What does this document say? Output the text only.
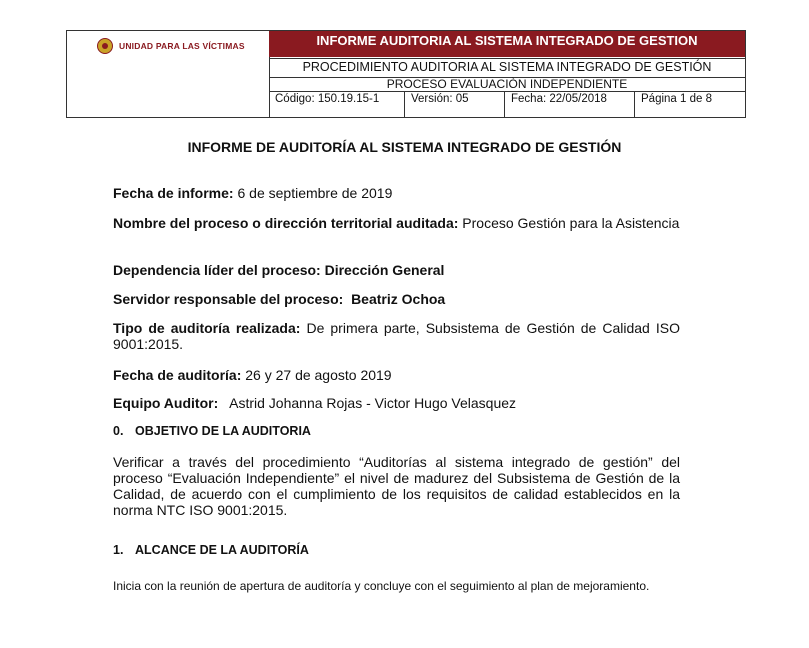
UNIDAD PARA LAS VÍCTIMAS	INFORME AUDITORIA AL SISTEMA INTEGRADO DE GESTION
PROCEDIMIENTO AUDITORIA AL SISTEMA INTEGRADO DE GESTIÓN
PROCESO EVALUACIÒN INDEPENDIENTE
Código: 150.19.15-1	Versión: 05	Fecha: 22/05/2018	Página 1 de 8
INFORME DE AUDITORÍA AL SISTEMA INTEGRADO DE GESTIÓN
Fecha de informe: 6 de septiembre de 2019
Nombre del proceso o dirección territorial auditada: Proceso Gestión para la Asistencia
Dependencia líder del proceso: Dirección General
Servidor responsable del proceso:  Beatriz Ochoa
Tipo de auditoría realizada: De primera parte, Subsistema de Gestión de Calidad ISO 9001:2015.
Fecha de auditoría: 26 y 27 de agosto 2019
Equipo Auditor:   Astrid Johanna Rojas - Victor Hugo Velasquez
0. OBJETIVO DE LA AUDITORIA
Verificar a través del procedimiento “Auditorías al sistema integrado de gestión” del proceso “Evaluación Independiente” el nivel de madurez del Subsistema de Gestión de la Calidad, de acuerdo con el cumplimiento de los requisitos de calidad establecidos en la norma NTC ISO 9001:2015.
1. ALCANCE DE LA AUDITORÍA
Inicia con la reunión de apertura de auditoría y concluye con el seguimiento al plan de mejoramiento.
